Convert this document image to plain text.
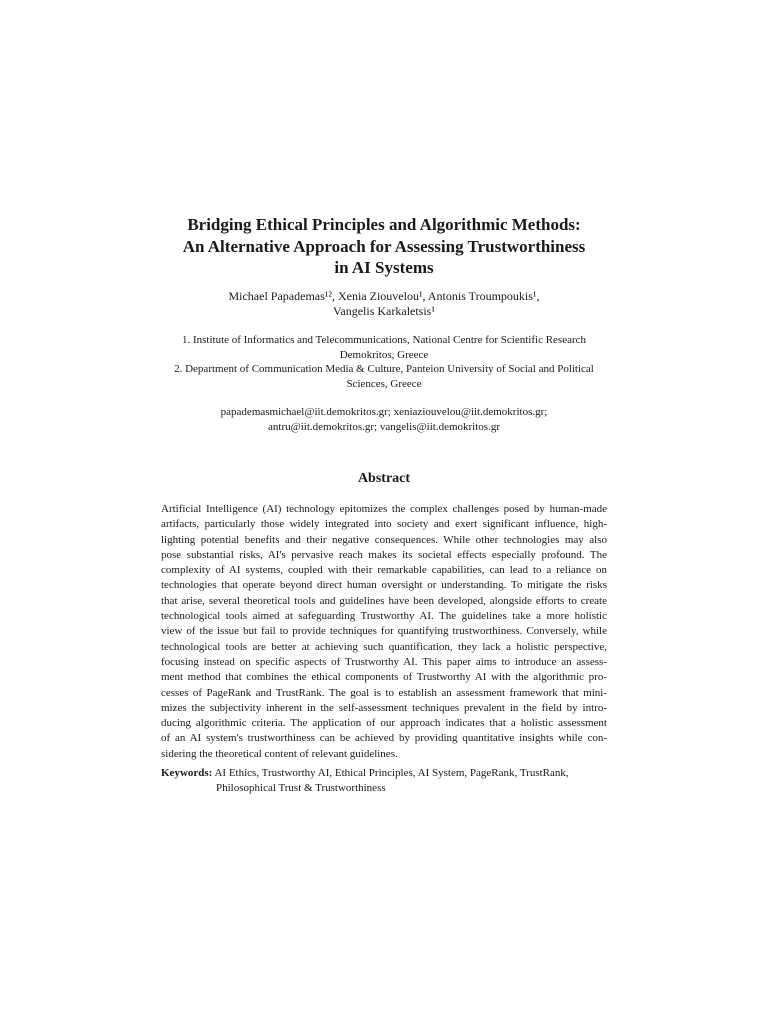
Bridging Ethical Principles and Algorithmic Methods:
An Alternative Approach for Assessing Trustworthiness
in AI Systems
Michael Papademas¹², Xenia Ziouvelou¹, Antonis Troumpoukis¹,
Vangelis Karkaletsis¹
1. Institute of Informatics and Telecommunications, National Centre for Scientific Research
Demokritos, Greece
2. Department of Communication Media & Culture, Panteion University of Social and Political
Sciences, Greece
papademasmichael@iit.demokritos.gr; xeniaziouvelou@iit.demokritos.gr;
antru@iit.demokritos.gr; vangelis@iit.demokritos.gr
Abstract
Artificial Intelligence (AI) technology epitomizes the complex challenges posed by human-made
artifacts, particularly those widely integrated into society and exert significant influence, high-
lighting potential benefits and their negative consequences. While other technologies may also
pose substantial risks, AI's pervasive reach makes its societal effects especially profound. The
complexity of AI systems, coupled with their remarkable capabilities, can lead to a reliance on
technologies that operate beyond direct human oversight or understanding. To mitigate the risks
that arise, several theoretical tools and guidelines have been developed, alongside efforts to create
technological tools aimed at safeguarding Trustworthy AI. The guidelines take a more holistic
view of the issue but fail to provide techniques for quantifying trustworthiness. Conversely, while
technological tools are better at achieving such quantification, they lack a holistic perspective,
focusing instead on specific aspects of Trustworthy AI. This paper aims to introduce an assess-
ment method that combines the ethical components of Trustworthy AI with the algorithmic pro-
cesses of PageRank and TrustRank. The goal is to establish an assessment framework that mini-
mizes the subjectivity inherent in the self-assessment techniques prevalent in the field by intro-
ducing algorithmic criteria. The application of our approach indicates that a holistic assessment
of an AI system's trustworthiness can be achieved by providing quantitative insights while con-
sidering the theoretical content of relevant guidelines.
Keywords: AI Ethics, Trustworthy AI, Ethical Principles, AI System, PageRank, TrustRank,
Philosophical Trust & Trustworthiness
